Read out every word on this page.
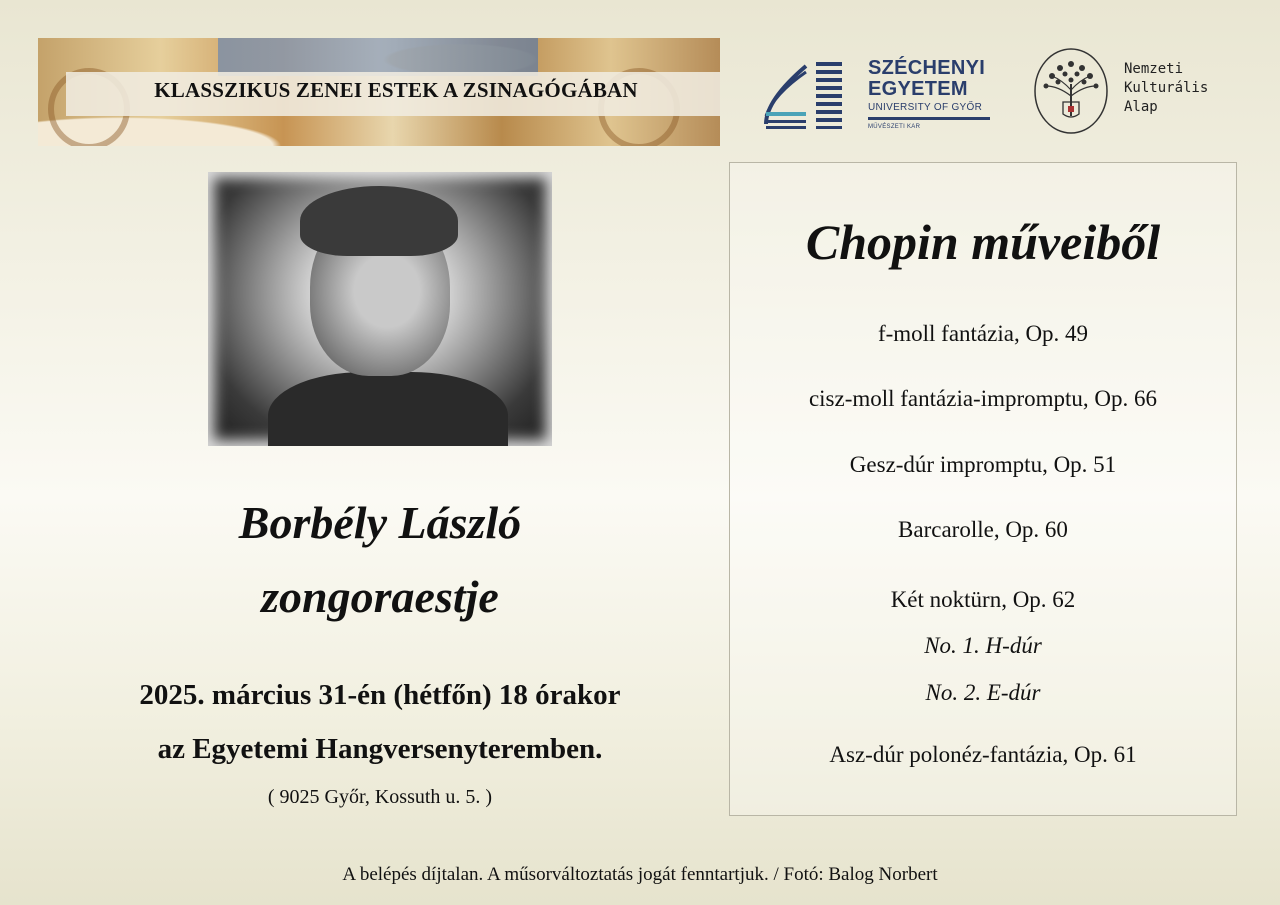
KLASSZIKUS ZENEI ESTEK A ZSINAGÓGÁBAN
SZÉCHENYI
EGYETEM
UNIVERSITY OF GYŐR
MŰVÉSZETI KAR
Nemzeti
Kulturális
Alap
Borbély László
zongoraestje
2025. március 31-én (hétfőn) 18 órakor
az Egyetemi Hangversenyteremben.
( 9025 Győr, Kossuth u. 5. )
Chopin műveiből
f-moll fantázia, Op. 49
cisz-moll fantázia-impromptu, Op. 66
Gesz-dúr impromptu, Op. 51
Barcarolle, Op. 60
Két noktürn, Op. 62
No. 1. H-dúr
No. 2. E-dúr
Asz-dúr polonéz-fantázia, Op. 61
A belépés díjtalan. A műsorváltoztatás jogát fenntartjuk. / Fotó: Balog Norbert
